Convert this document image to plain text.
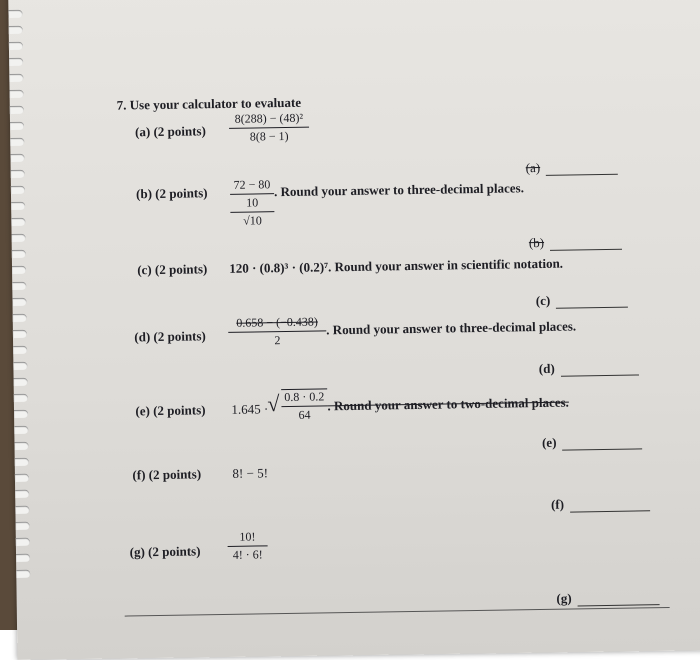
7. Use your calculator to evaluate
(a) (2 points)
8(288) − (48)²
8(8 − 1)
(a)
(b) (2 points)
72 − 80
10
√10
. Round your answer to three-decimal places.
(b)
(c) (2 points) 120 · (0.8)³ · (0.2)⁷. Round your answer in scientific notation.
(c)
(d) (2 points)
0.658 − (−0.438)
2
. Round your answer to three-decimal places.
(d)
(e) (2 points) 1.645 ·
√ 0.8 · 0.2
64
. Round your answer to two-decimal places.
(e)
(f) (2 points) 8! − 5!
(f)
(g) (2 points)
10!
4! · 6!
(g)
